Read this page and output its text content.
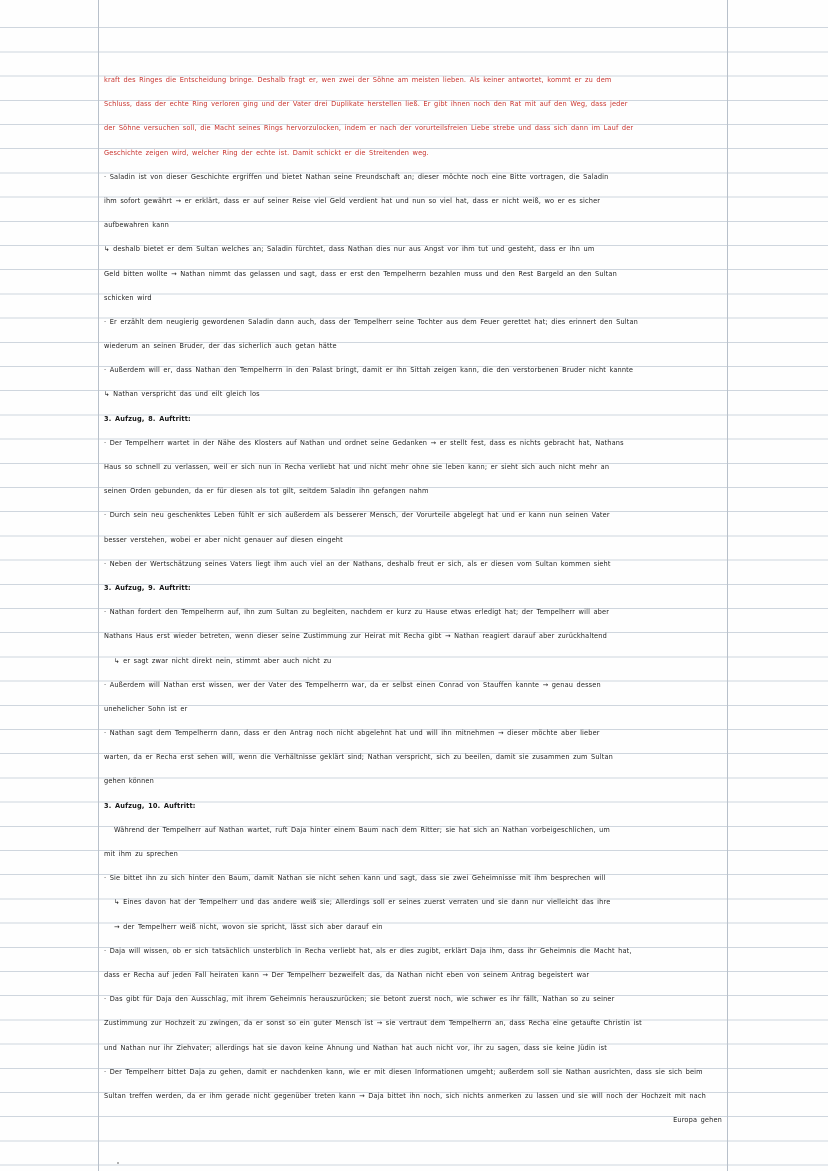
kraft des Ringes die Entscheidung bringe. Deshalb fragt er, wen zwei der Söhne am meisten lieben. Als keiner antwortet, kommt er zu dem
Schluss, dass der echte Ring verloren ging und der Vater drei Duplikate herstellen ließ. Er gibt ihnen noch den Rat mit auf den Weg, dass jeder
der Söhne versuchen soll, die Macht seines Rings hervorzulocken, indem er nach der vorurteilsfreien Liebe strebe und dass sich dann im Lauf der
Geschichte zeigen wird, welcher Ring der echte ist. Damit schickt er die Streitenden weg.
· Saladin ist von dieser Geschichte ergriffen und bietet Nathan seine Freundschaft an; dieser möchte noch eine Bitte vortragen, die Saladin
ihm sofort gewährt → er erklärt, dass er auf seiner Reise viel Geld verdient hat und nun so viel hat, dass er nicht weiß, wo er es sicher
aufbewahren kann
↳ deshalb bietet er dem Sultan welches an; Saladin fürchtet, dass Nathan dies nur aus Angst vor ihm tut und gesteht, dass er ihn um
Geld bitten wollte → Nathan nimmt das gelassen und sagt, dass er erst den Tempelherrn bezahlen muss und den Rest Bargeld an den Sultan
schicken wird
· Er erzählt dem neugierig gewordenen Saladin dann auch, dass der Tempelherr seine Tochter aus dem Feuer gerettet hat; dies erinnert den Sultan
wiederum an seinen Bruder, der das sicherlich auch getan hätte
· Außerdem will er, dass Nathan den Tempelherrn in den Palast bringt, damit er ihn Sittah zeigen kann, die den verstorbenen Bruder nicht kannte
↳ Nathan verspricht das und eilt gleich los
3. Aufzug, 8. Auftritt:
· Der Tempelherr wartet in der Nähe des Klosters auf Nathan und ordnet seine Gedanken → er stellt fest, dass es nichts gebracht hat, Nathans
Haus so schnell zu verlassen, weil er sich nun in Recha verliebt hat und nicht mehr ohne sie leben kann; er sieht sich auch nicht mehr an
seinen Orden gebunden, da er für diesen als tot gilt, seitdem Saladin ihn gefangen nahm
· Durch sein neu geschenktes Leben fühlt er sich außerdem als besserer Mensch, der Vorurteile abgelegt hat und er kann nun seinen Vater
besser verstehen, wobei er aber nicht genauer auf diesen eingeht
· Neben der Wertschätzung seines Vaters liegt ihm auch viel an der Nathans, deshalb freut er sich, als er diesen vom Sultan kommen sieht
3. Aufzug, 9. Auftritt:
· Nathan fordert den Tempelherrn auf, ihn zum Sultan zu begleiten, nachdem er kurz zu Hause etwas erledigt hat; der Tempelherr will aber
Nathans Haus erst wieder betreten, wenn dieser seine Zustimmung zur Heirat mit Recha gibt → Nathan reagiert darauf aber zurückhaltend
↳ er sagt zwar nicht direkt nein, stimmt aber auch nicht zu
· Außerdem will Nathan erst wissen, wer der Vater des Tempelherrn war, da er selbst einen Conrad von Stauffen kannte → genau dessen
unehelicher Sohn ist er
· Nathan sagt dem Tempelherrn dann, dass er den Antrag noch nicht abgelehnt hat und will ihn mitnehmen → dieser möchte aber lieber
warten, da er Recha erst sehen will, wenn die Verhältnisse geklärt sind; Nathan verspricht, sich zu beeilen, damit sie zusammen zum Sultan
gehen können
3. Aufzug, 10. Auftritt:
Während der Tempelherr auf Nathan wartet, ruft Daja hinter einem Baum nach dem Ritter; sie hat sich an Nathan vorbeigeschlichen, um
mit ihm zu sprechen
· Sie bittet ihn zu sich hinter den Baum, damit Nathan sie nicht sehen kann und sagt, dass sie zwei Geheimnisse mit ihm besprechen will
↳ Eines davon hat der Tempelherr und das andere weiß sie; Allerdings soll er seines zuerst verraten und sie dann nur vielleicht das ihre
→ der Tempelherr weiß nicht, wovon sie spricht, lässt sich aber darauf ein
· Daja will wissen, ob er sich tatsächlich unsterblich in Recha verliebt hat, als er dies zugibt, erklärt Daja ihm, dass ihr Geheimnis die Macht hat,
dass er Recha auf jeden Fall heiraten kann → Der Tempelherr bezweifelt das, da Nathan nicht eben von seinem Antrag begeistert war
· Das gibt für Daja den Ausschlag, mit ihrem Geheimnis herauszurücken; sie betont zuerst noch, wie schwer es ihr fällt, Nathan so zu seiner
Zustimmung zur Hochzeit zu zwingen, da er sonst so ein guter Mensch ist → sie vertraut dem Tempelherrn an, dass Recha eine getaufte Christin ist
und Nathan nur ihr Ziehvater; allerdings hat sie davon keine Ahnung und Nathan hat auch nicht vor, ihr zu sagen, dass sie keine Jüdin ist
· Der Tempelherr bittet Daja zu gehen, damit er nachdenken kann, wie er mit diesen Informationen umgeht; außerdem soll sie Nathan ausrichten, dass sie sich beim
Sultan treffen werden, da er ihm gerade nicht gegenüber treten kann → Daja bittet ihn noch, sich nichts anmerken zu lassen und sie will noch der Hochzeit mit nach
Europa gehen
